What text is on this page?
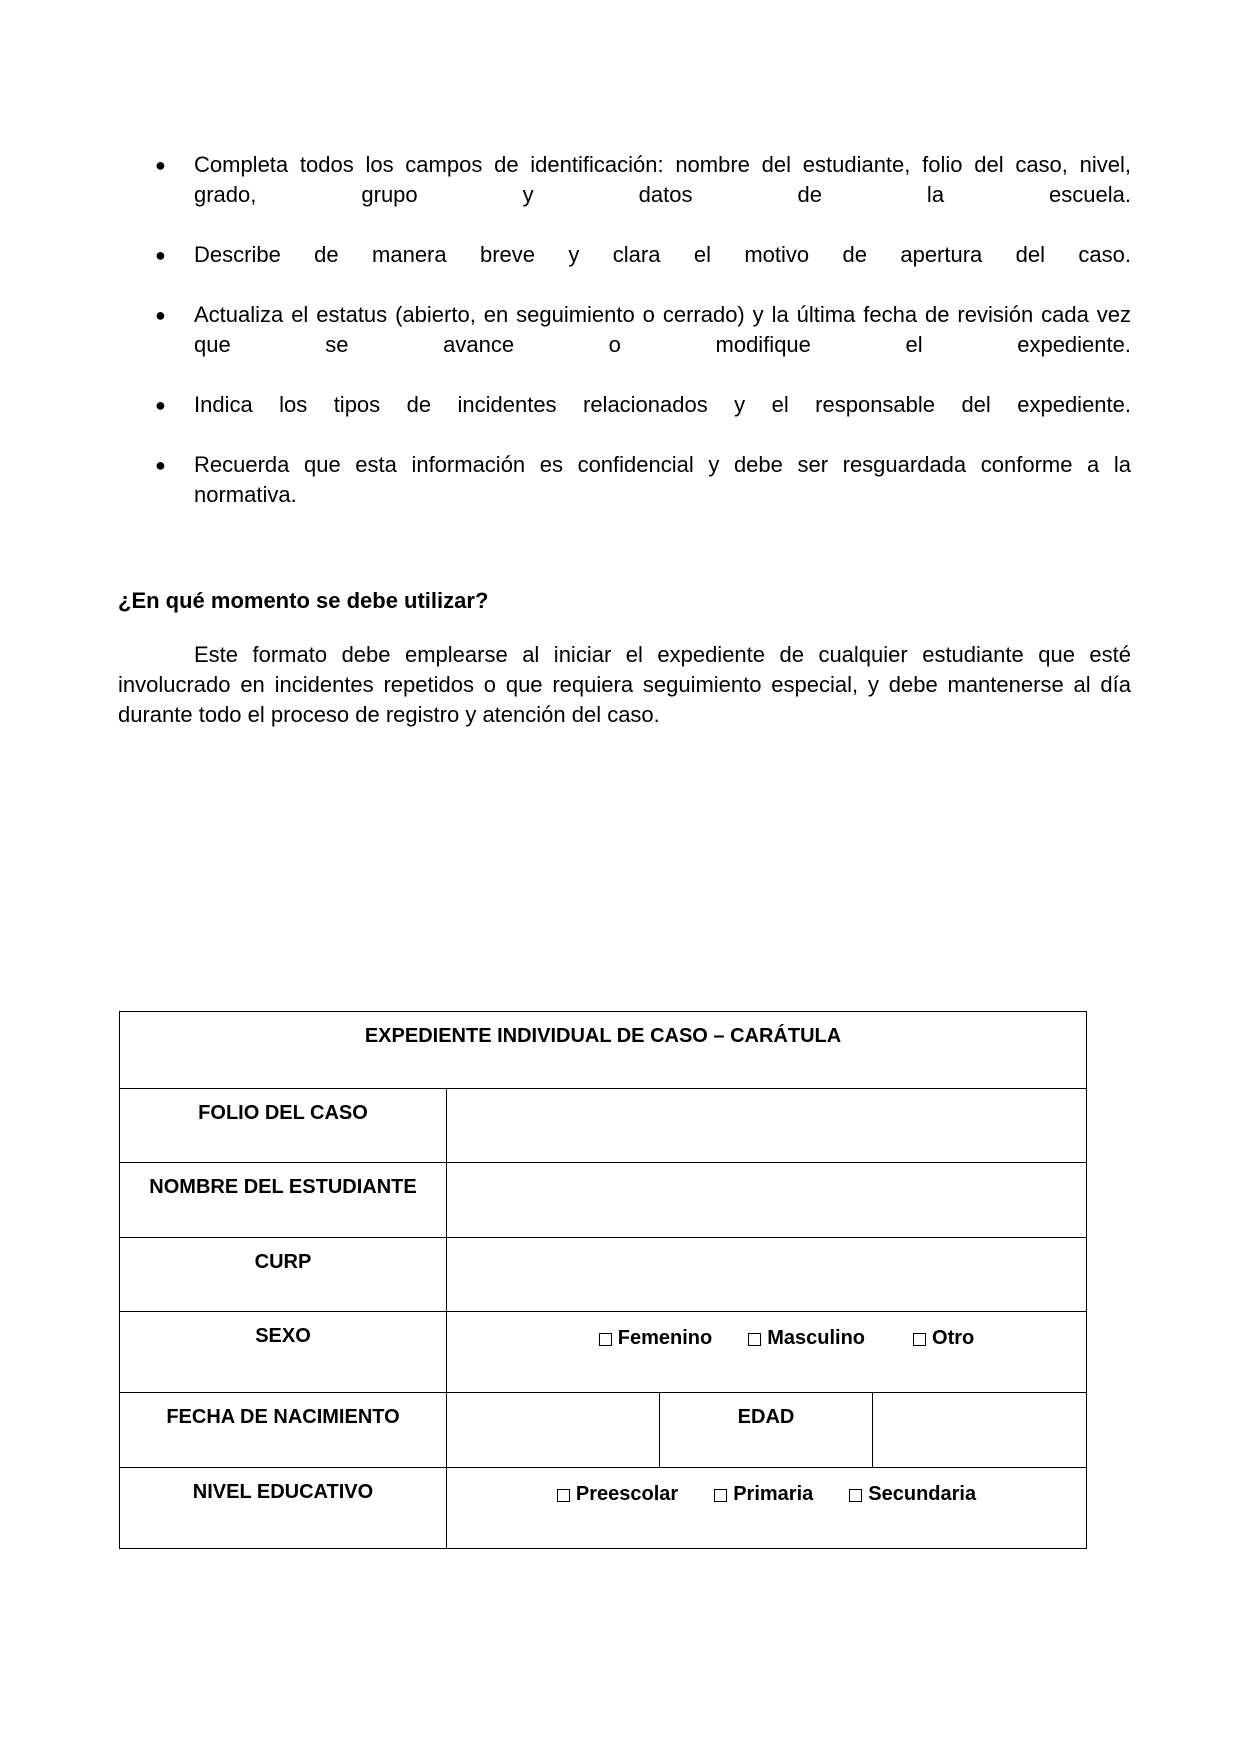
● Completa todos los campos de identificación: nombre del estudiante, folio del caso, nivel, grado, grupo y datos de la escuela.
● Describe de manera breve y clara el motivo de apertura del caso.
● Actualiza el estatus (abierto, en seguimiento o cerrado) y la última fecha de revisión cada vez que se avance o modifique el expediente.
● Indica los tipos de incidentes relacionados y el responsable del expediente.
● Recuerda que esta información es confidencial y debe ser resguardada conforme a la normativa.
¿En qué momento se debe utilizar?

Este formato debe emplearse al iniciar el expediente de cualquier estudiante que esté involucrado en incidentes repetidos o que requiera seguimiento especial, y debe mantenerse al día durante todo el proceso de registro y atención del caso.

EXPEDIENTE INDIVIDUAL DE CASO – CARÁTULA			
FOLIO DEL CASO			
NOMBRE DEL ESTUDIANTE			
CURP			
SEXO	Femenino Masculino Otro		

FECHA DE NACIMIENTO		EDAD	
NIVEL EDUCATIVO	Preescolar Primaria Secundaria		
